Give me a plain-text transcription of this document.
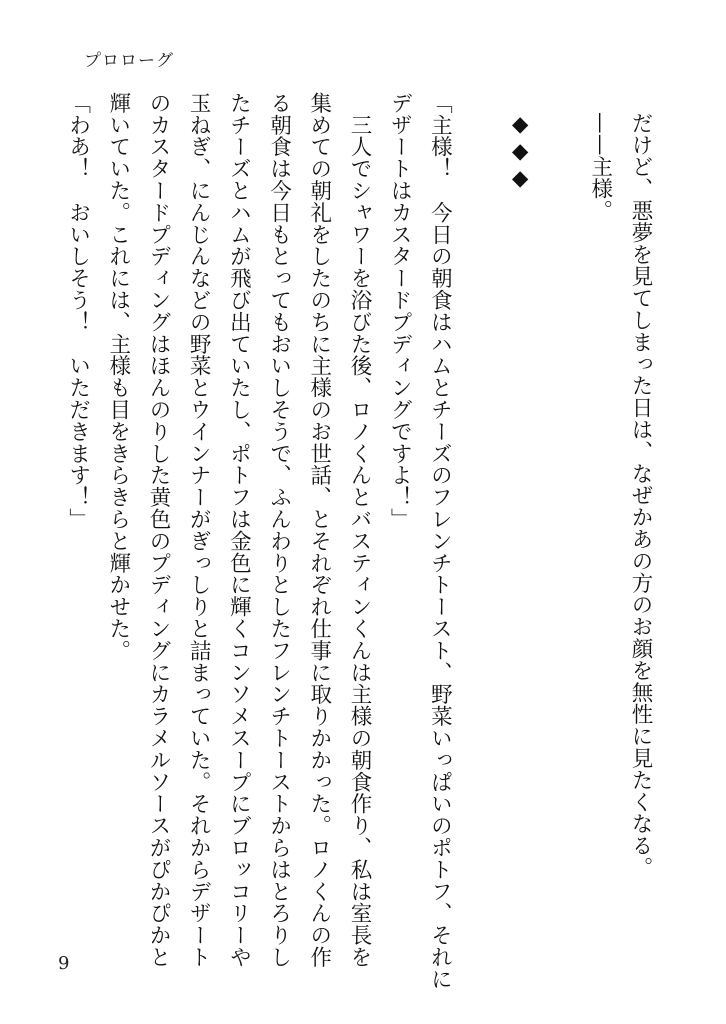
プロローグ
だけど、悪夢を見てしまった日は、なぜかあの方のお顔を無性に見たくなる。
——主様。
◆◆◆
「主様！　今日の朝食はハムとチーズのフレンチトースト、野菜いっぱいのポトフ、それに
デザートはカスタードプディングですよ！」
　三人でシャワーを浴びた後、ロノくんとバスティンくんは主様の朝食作り、私は室長を
集めての朝礼をしたのちに主様のお世話、とそれぞれ仕事に取りかかった。ロノくんの作
る朝食は今日もとってもおいしそうで、ふんわりとしたフレンチトーストからはとろりし
たチーズとハムが飛び出ていたし、ポトフは金色に輝くコンソメスープにブロッコリーや
玉ねぎ、にんじんなどの野菜とウインナーがぎっしりと詰まっていた。それからデザート
のカスタードプディングはほんのりした黄色のプディングにカラメルソースがぴかぴかと
輝いていた。これには、主様も目をきらきらと輝かせた。
「わあ！　おいしそう！　いただきます！」
9
